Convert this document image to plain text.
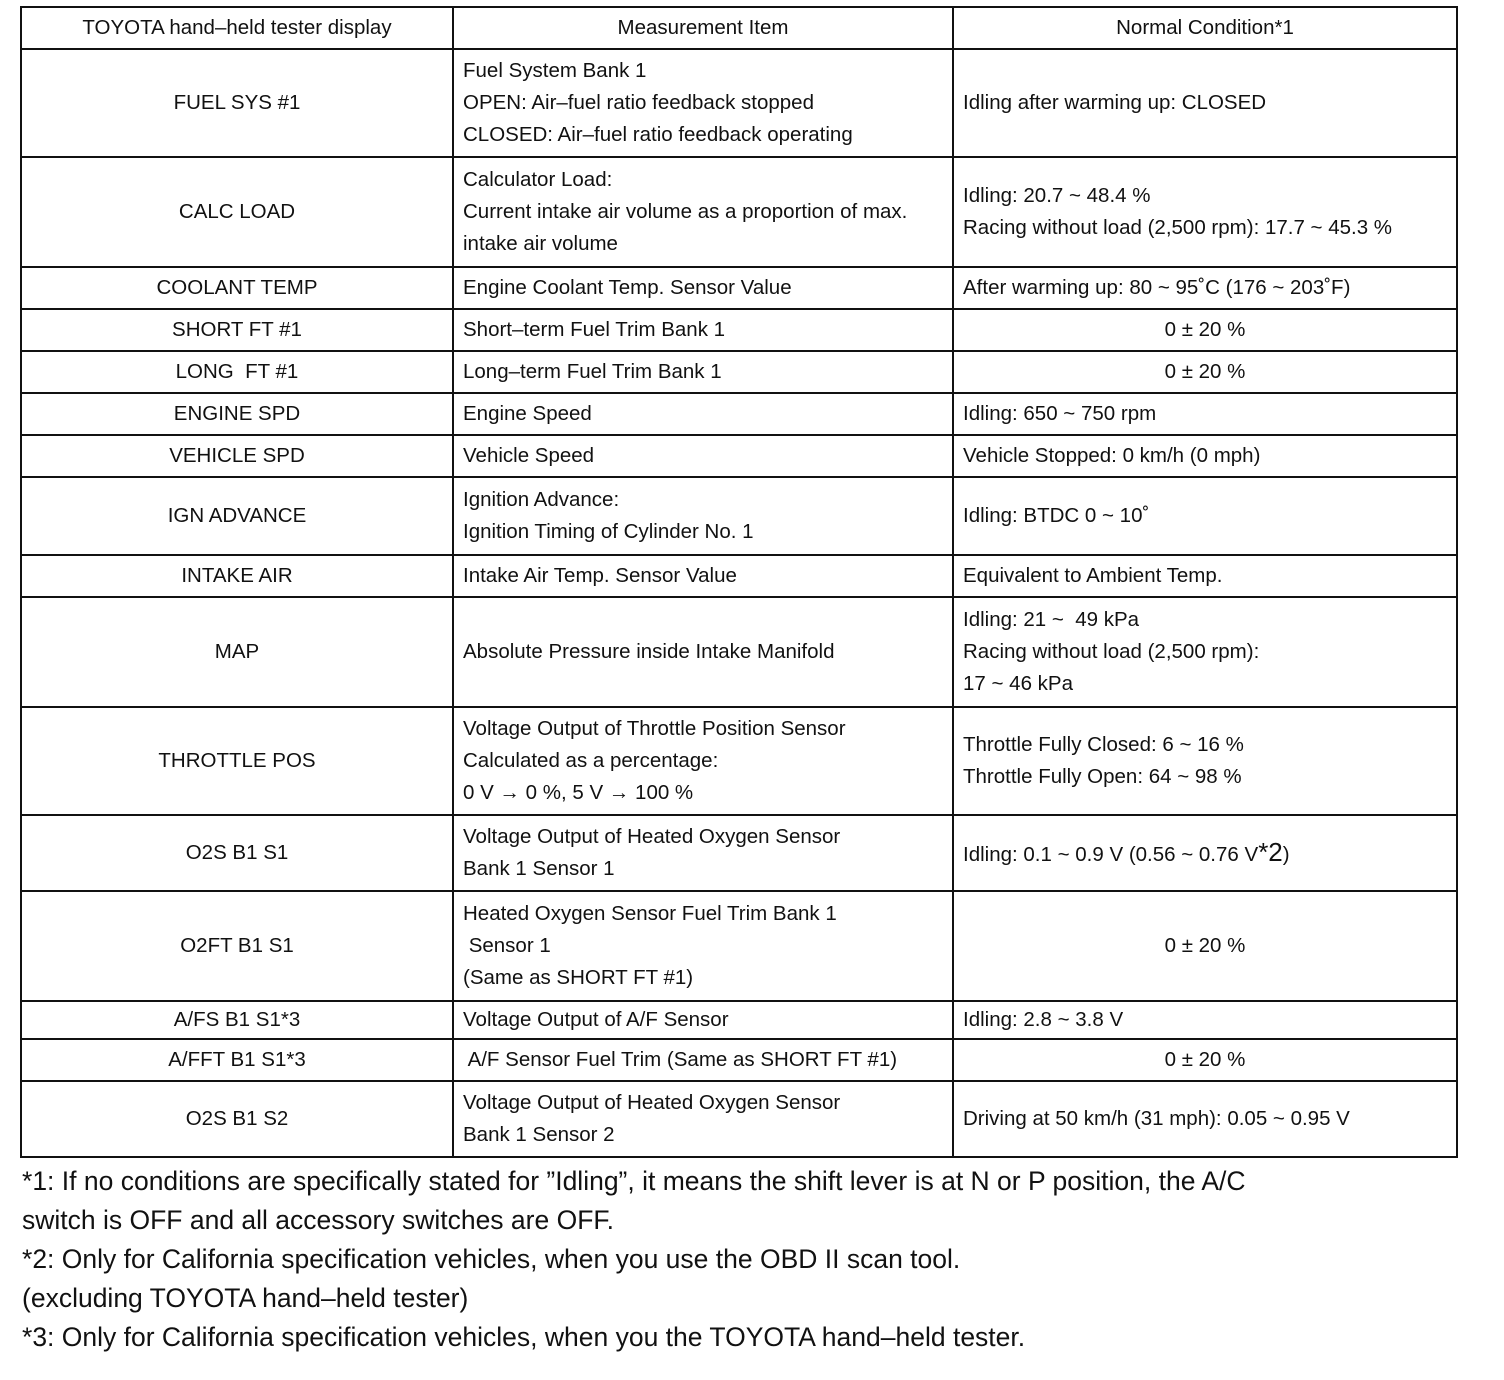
TOYOTA hand–held tester display	Measurement Item	Normal Condition*1
FUEL SYS #1	Fuel System Bank 1
OPEN: Air–fuel ratio feedback stopped
CLOSED: Air–fuel ratio feedback operating	Idling after warming up: CLOSED

CALC LOAD	Calculator Load:
Current intake air volume as a proportion of max.
intake air volume	Idling: 20.7 ~ 48.4 %
Racing without load (2,500 rpm): 17.7 ~ 45.3 %

COOLANT TEMP	Engine Coolant Temp. Sensor Value	After warming up: 80 ~ 95˚C (176 ~ 203˚F)

SHORT FT #1	Short–term Fuel Trim Bank 1	0 ± 20 %

LONG  FT #1	Long–term Fuel Trim Bank 1	0 ± 20 %

ENGINE SPD	Engine Speed	Idling: 650 ~ 750 rpm

VEHICLE SPD	Vehicle Speed	Vehicle Stopped: 0 km/h (0 mph)

IGN ADVANCE	Ignition Advance:
Ignition Timing of Cylinder No. 1	Idling: BTDC 0 ~ 10˚

INTAKE AIR	Intake Air Temp. Sensor Value	Equivalent to Ambient Temp.

MAP	Absolute Pressure inside Intake Manifold	Idling: 21 ~  49 kPa
Racing without load (2,500 rpm):
17 ~ 46 kPa

THROTTLE POS	Voltage Output of Throttle Position Sensor
Calculated as a percentage:
0 V → 0 %, 5 V → 100 %	Throttle Fully Closed: 6 ~ 16 %
Throttle Fully Open: 64 ~ 98 %

O2S B1 S1	Voltage Output of Heated Oxygen Sensor
Bank 1 Sensor 1	Idling: 0.1 ~ 0.9 V (0.56 ~ 0.76 V*2)

O2FT B1 S1	Heated Oxygen Sensor Fuel Trim Bank 1
Sensor 1
(Same as SHORT FT #1)	0 ± 20 %

A/FS B1 S1*3	Voltage Output of A/F Sensor	Idling: 2.8 ~ 3.8 V

A/FFT B1 S1*3	A/F Sensor Fuel Trim (Same as SHORT FT #1)	0 ± 20 %

O2S B1 S2	Voltage Output of Heated Oxygen Sensor
Bank 1 Sensor 2	Driving at 50 km/h (31 mph): 0.05 ~ 0.95 V
*1: If no conditions are specifically stated for ”Idling”, it means the shift lever is at N or P position, the A/C
switch is OFF and all accessory switches are OFF.
*2: Only for California specification vehicles, when you use the OBD II scan tool.
(excluding TOYOTA hand–held tester)
*3: Only for California specification vehicles, when you the TOYOTA hand–held tester.
